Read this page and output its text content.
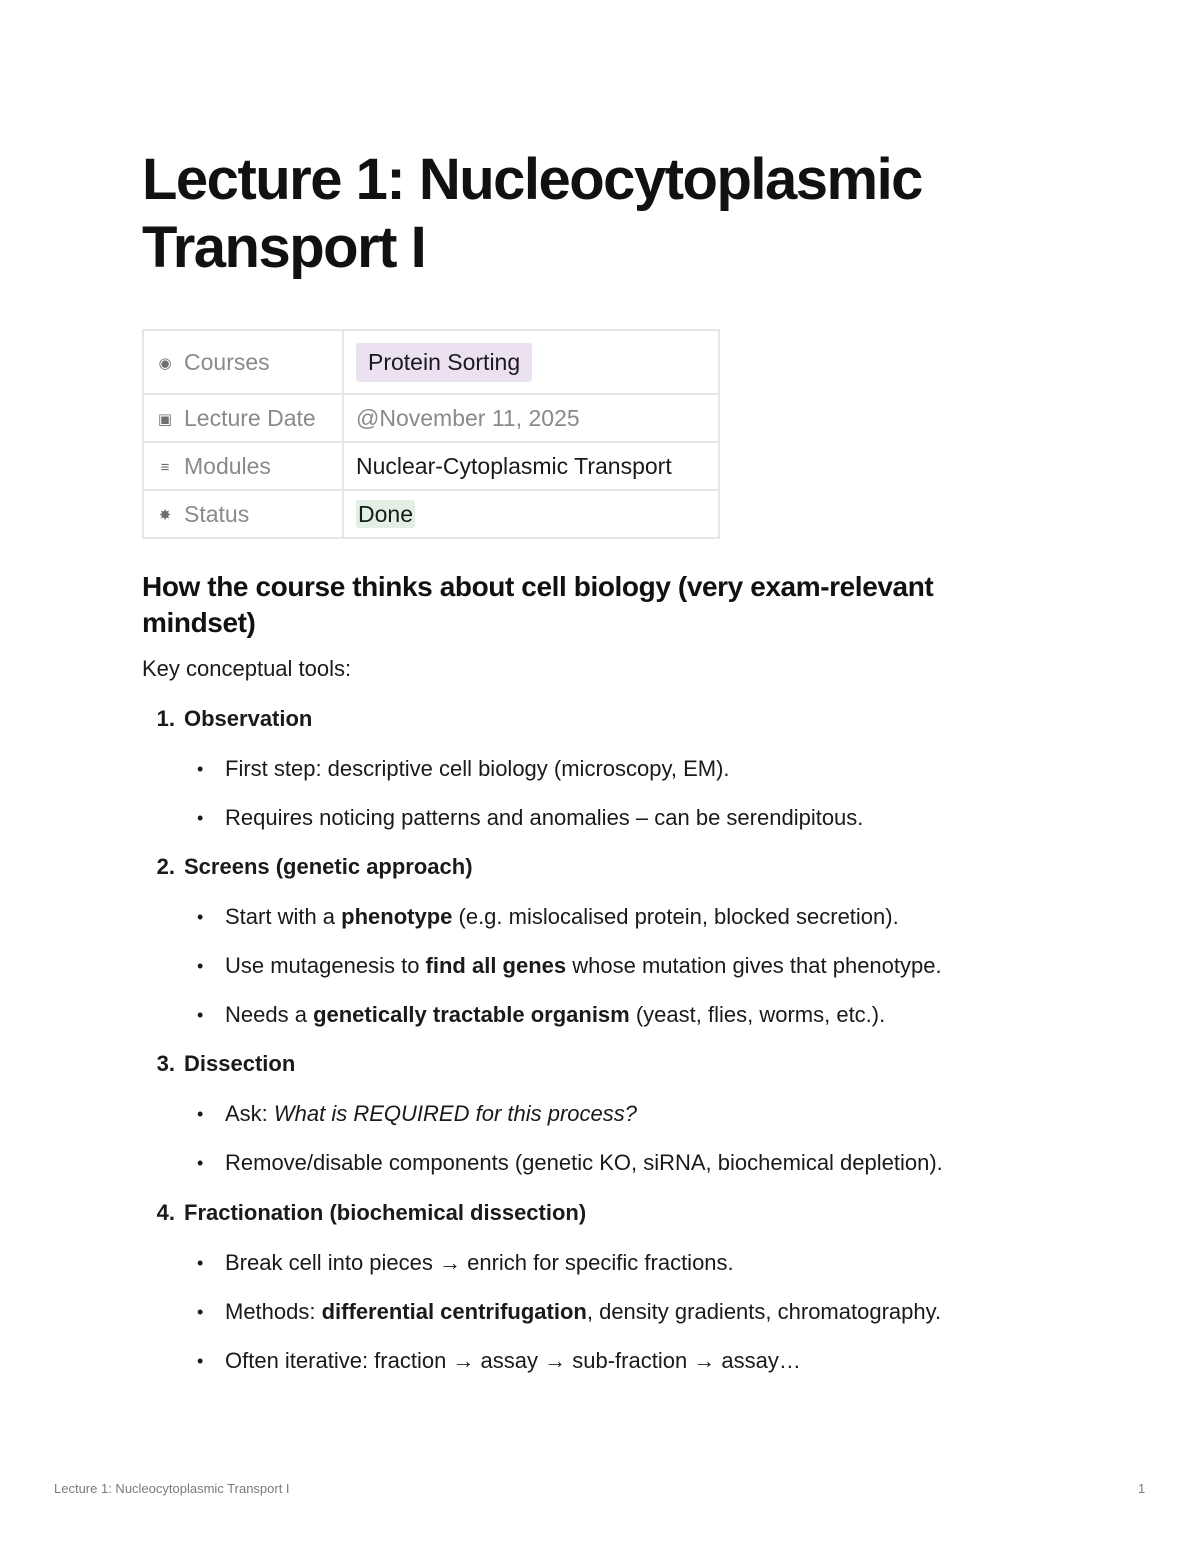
Lecture 1: Nucleocytoplasmic Transport I
◉ Courses	Protein Sorting
▣ Lecture Date	@November 11, 2025
≡ Modules	Nuclear-Cytoplasmic Transport
✸ Status	Done
How the course thinks about cell biology (very exam-relevant mindset)

Key conceptual tools:

1. Observation
• First step: descriptive cell biology (microscopy, EM).
• Requires noticing patterns and anomalies – can be serendipitous.
2. Screens (genetic approach)
• Start with a phenotype (e.g. mislocalised protein, blocked secretion).
• Use mutagenesis to find all genes whose mutation gives that phenotype.
• Needs a genetically tractable organism (yeast, flies, worms, etc.).
3. Dissection
• Ask: What is REQUIRED for this process?
• Remove/disable components (genetic KO, siRNA, biochemical depletion).
4. Fractionation (biochemical dissection)
• Break cell into pieces → enrich for specific fractions.
• Methods: differential centrifugation, density gradients, chromatography.
• Often iterative: fraction → assay → sub-fraction → assay…
Lecture 1: Nucleocytoplasmic Transport I	1
